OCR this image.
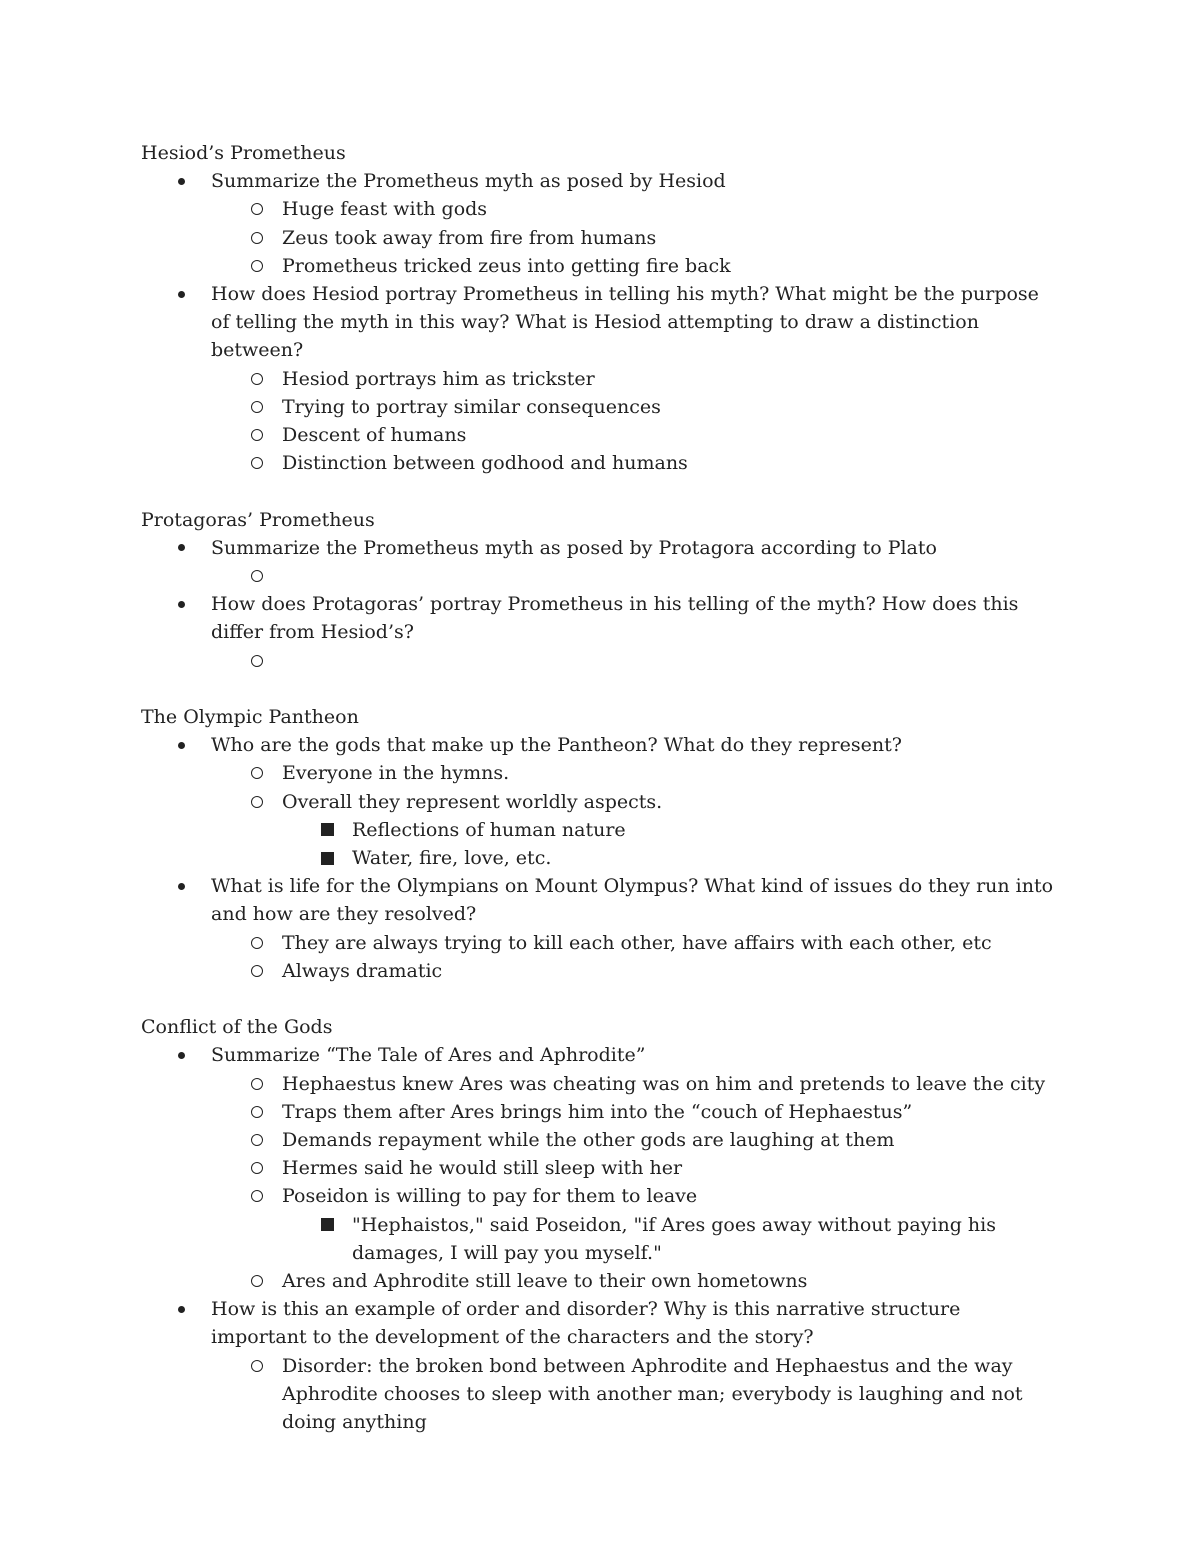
Hesiod’s Prometheus
Summarize the Prometheus myth as posed by Hesiod
Huge feast with gods
Zeus took away from fire from humans
Prometheus tricked zeus into getting fire back
How does Hesiod portray Prometheus in telling his myth? What might be the purpose of telling the myth in this way? What is Hesiod attempting to draw a distinction between?
Hesiod portrays him as trickster
Trying to portray similar consequences
Descent of humans
Distinction between godhood and humans
Protagoras’ Prometheus
Summarize the Prometheus myth as posed by Protagora according to Plato
How does Protagoras’ portray Prometheus in his telling of the myth? How does this differ from Hesiod’s?
The Olympic Pantheon
Who are the gods that make up the Pantheon? What do they represent?
Everyone in the hymns.
Overall they represent worldly aspects.
Reflections of human nature
Water, fire, love, etc.
What is life for the Olympians on Mount Olympus? What kind of issues do they run into and how are they resolved?
They are always trying to kill each other, have affairs with each other, etc
Always dramatic
Conflict of the Gods
Summarize “The Tale of Ares and Aphrodite”
Hephaestus knew Ares was cheating was on him and pretends to leave the city
Traps them after Ares brings him into the “couch of Hephaestus”
Demands repayment while the other gods are laughing at them
Hermes said he would still sleep with her
Poseidon is willing to pay for them to leave
"Hephaistos," said Poseidon, "if Ares goes away without paying his damages, I will pay you myself."
Ares and Aphrodite still leave to their own hometowns
How is this an example of order and disorder? Why is this narrative structure important to the development of the characters and the story?
Disorder: the broken bond between Aphrodite and Hephaestus and the way Aphrodite chooses to sleep with another man; everybody is laughing and not doing anything
